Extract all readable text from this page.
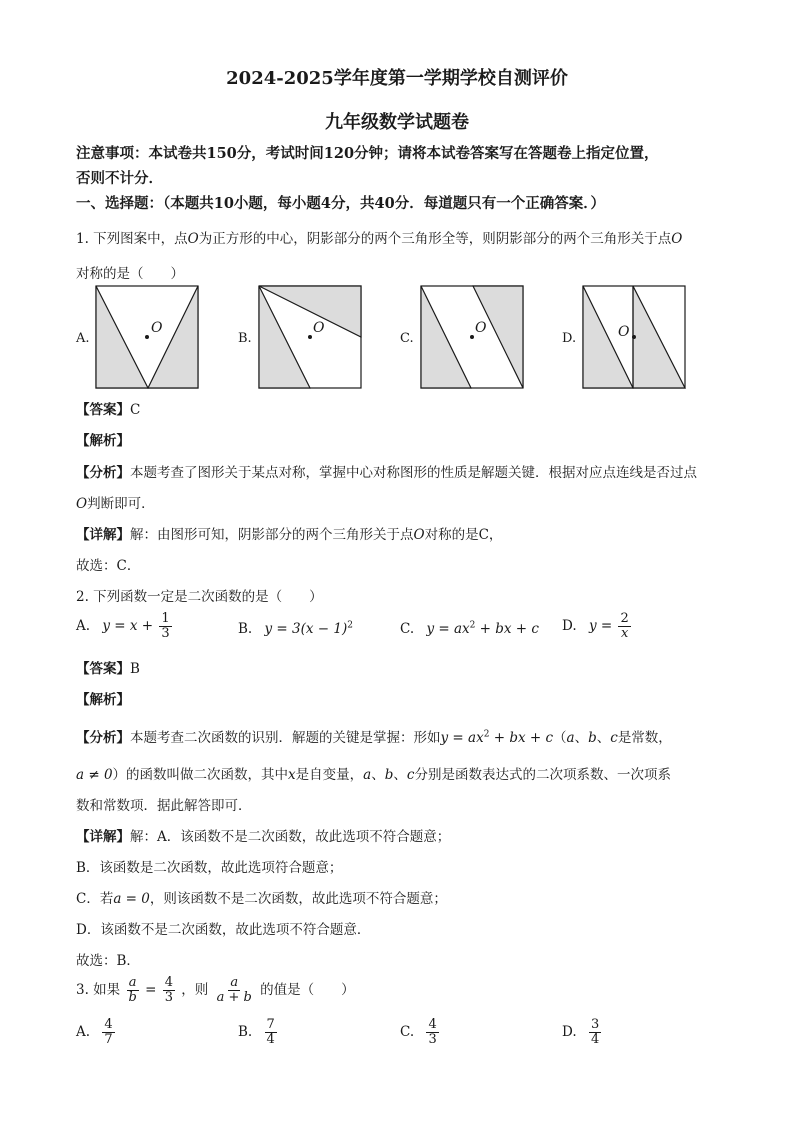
2024-2025学年度第一学期学校自测评价
九年级数学试题卷
注意事项：本试卷共150分，考试时间120分钟；请将本试卷答案写在答题卷上指定位置，
否则不计分．
一、选择题：（本题共10小题，每小题4分，共40分．每道题只有一个正确答案．）
1. 下列图案中，点O为正方形的中心，阴影部分的两个三角形全等，则阴影部分的两个三角形关于点O
对称的是（　　）
A.
O
B.
O
C.
O
D.	O
【答案】C
【解析】
【分析】本题考查了图形关于某点对称，掌握中心对称图形的性质是解题关键．根据对应点连线是否过点
O判断即可．
【详解】解：由图形可知，阴影部分的两个三角形关于点O对称的是C，
故选：C．
2. 下列函数一定是二次函数的是（　　）
A. $y = x + \frac{1}{3}$	B. $y = 3(x - 1)^2$	C. $y = ax^2$ + bx + c D. $y = \frac{2}{x}$
【答案】B
【解析】
【分析】本题考查二次函数的识别．解题的关键是掌握：形如$y = ax^2$ + bx + c（a、b、c是常数，
a ≠ 0）的函数叫做二次函数，其中x是自变量，a、b、c分别是函数表达式的二次项系数、一次项系
数和常数项．据此解答即可．
【详解】解：A．该函数不是二次函数，故此选项不符合题意；
B．该函数是二次函数，故此选项符合题意；
C．若a = 0，则该函数不是二次函数，故此选项不符合题意；
D．该函数不是二次函数，故此选项不符合题意．
故选：B．
3. 如果 $\frac{a}{b} = \frac{4}{3}$ ，则 $\frac{a}{a + b}$ 的值是（　　）
A. $\frac{4}{7}$	B. $\frac{7}{4}$	C. $\frac{4}{3}$	D. $\frac{3}{4}$
